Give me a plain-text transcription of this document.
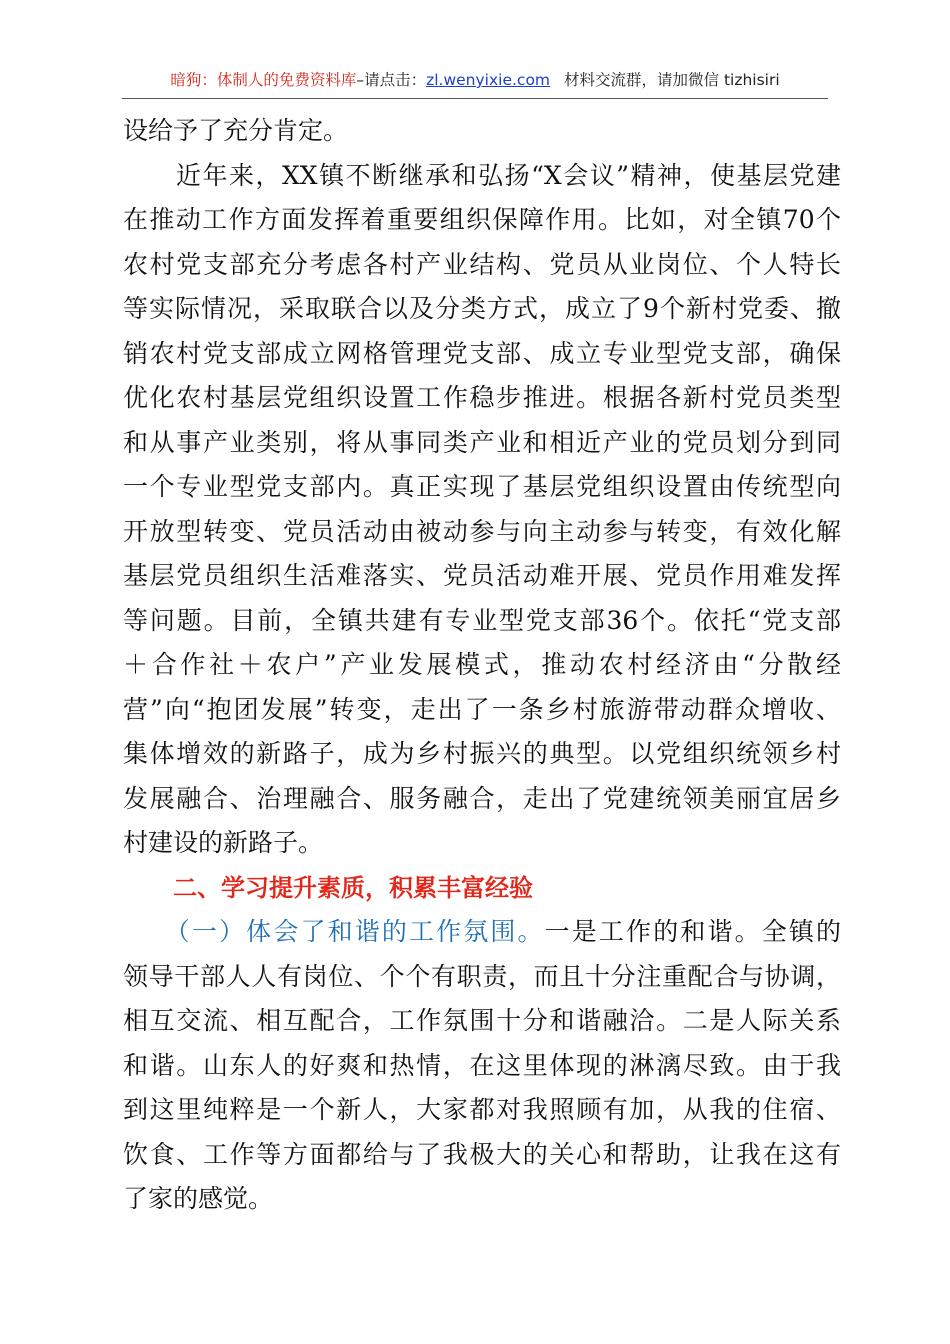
暗狗：体制人的免费资料库–请点击：zl.wenyixie.com 材料交流群，请加微信 tizhisiri
设给予了充分肯定。
　　近年来，XX镇不断继承和弘扬“X会议”精神，使基层党建
在推动工作方面发挥着重要组织保障作用。比如，对全镇70个
农村党支部充分考虑各村产业结构、党员从业岗位、个人特长
等实际情况，采取联合以及分类方式，成立了9个新村党委、撤
销农村党支部成立网格管理党支部、成立专业型党支部，确保
优化农村基层党组织设置工作稳步推进。根据各新村党员类型
和从事产业类别，将从事同类产业和相近产业的党员划分到同
一个专业型党支部内。真正实现了基层党组织设置由传统型向
开放型转变、党员活动由被动参与向主动参与转变，有效化解
基层党员组织生活难落实、党员活动难开展、党员作用难发挥
等问题。目前，全镇共建有专业型党支部36个。依托“党支部
＋合作社＋农户”产业发展模式，推动农村经济由“分散经
营”向“抱团发展”转变，走出了一条乡村旅游带动群众增收、
集体增效的新路子，成为乡村振兴的典型。以党组织统领乡村
发展融合、治理融合、服务融合，走出了党建统领美丽宜居乡
村建设的新路子。
二、学习提升素质，积累丰富经验
　　（一）体会了和谐的工作氛围。一是工作的和谐。全镇的
领导干部人人有岗位、个个有职责，而且十分注重配合与协调，
相互交流、相互配合，工作氛围十分和谐融洽。二是人际关系
和谐。山东人的好爽和热情，在这里体现的淋漓尽致。由于我
到这里纯粹是一个新人，大家都对我照顾有加，从我的住宿、
饮食、工作等方面都给与了我极大的关心和帮助，让我在这有
了家的感觉。
